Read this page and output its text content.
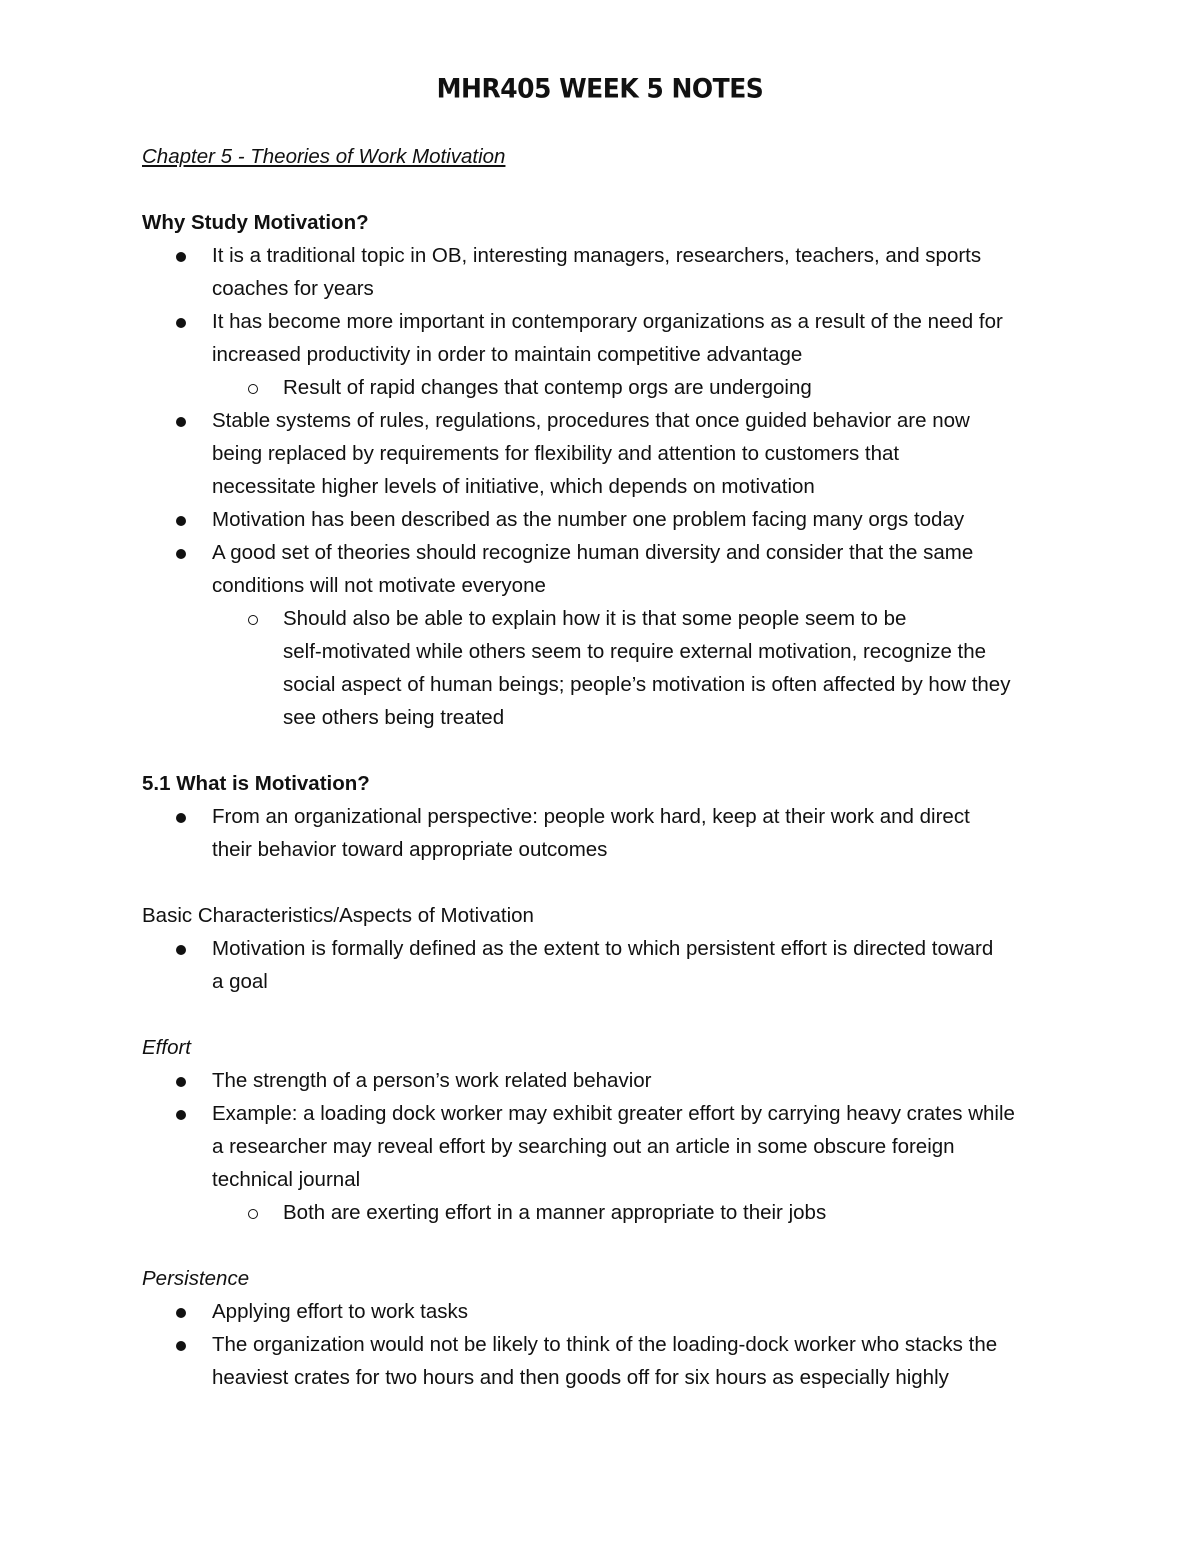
MHR405 WEEK 5 NOTES
Chapter 5 - Theories of Work Motivation
Why Study Motivation?
It is a traditional topic in OB, interesting managers, researchers, teachers, and sports
coaches for years
It has become more important in contemporary organizations as a result of the need for
increased productivity in order to maintain competitive advantage
Result of rapid changes that contemp orgs are undergoing
Stable systems of rules, regulations, procedures that once guided behavior are now
being replaced by requirements for flexibility and attention to customers that
necessitate higher levels of initiative, which depends on motivation
Motivation has been described as the number one problem facing many orgs today
A good set of theories should recognize human diversity and consider that the same
conditions will not motivate everyone
Should also be able to explain how it is that some people seem to be
self-motivated while others seem to require external motivation, recognize the
social aspect of human beings; people’s motivation is often affected by how they
see others being treated
5.1 What is Motivation?
From an organizational perspective: people work hard, keep at their work and direct
their behavior toward appropriate outcomes
Basic Characteristics/Aspects of Motivation
Motivation is formally defined as the extent to which persistent effort is directed toward
a goal
Effort
The strength of a person’s work related behavior
Example: a loading dock worker may exhibit greater effort by carrying heavy crates while
a researcher may reveal effort by searching out an article in some obscure foreign
technical journal
Both are exerting effort in a manner appropriate to their jobs
Persistence
Applying effort to work tasks
The organization would not be likely to think of the loading-dock worker who stacks the
heaviest crates for two hours and then goods off for six hours as especially highly
